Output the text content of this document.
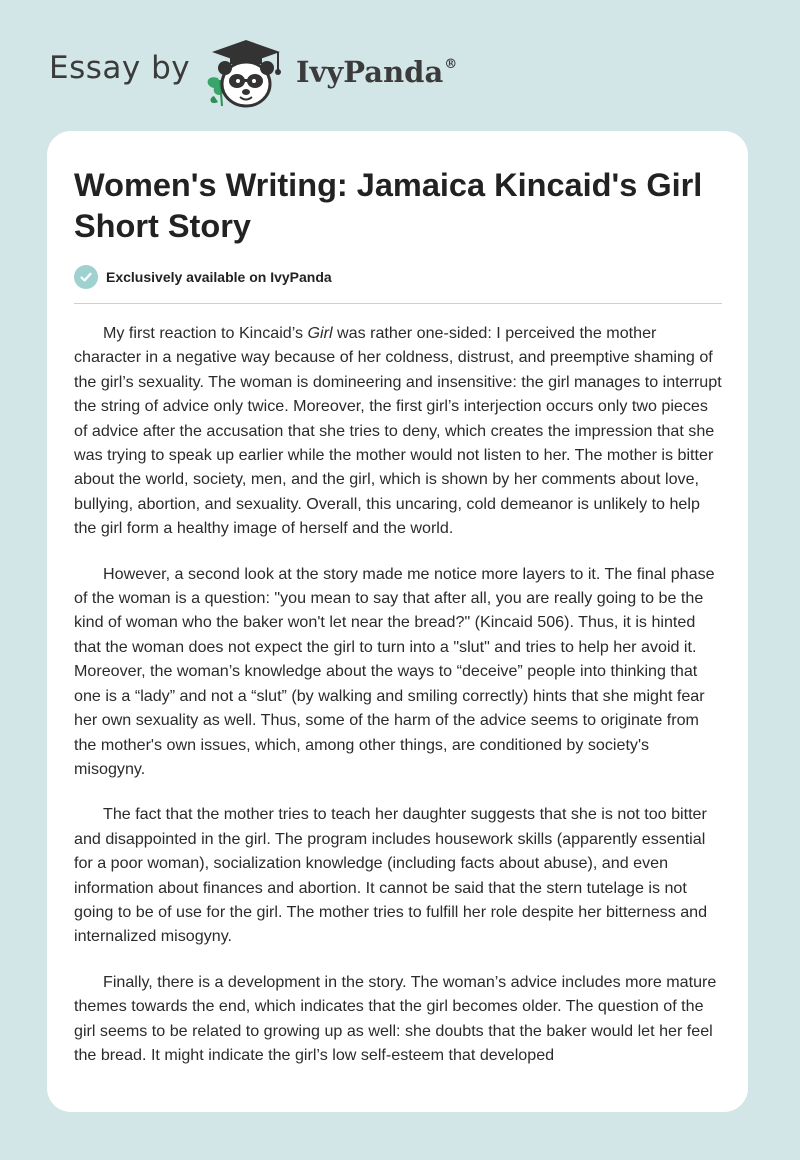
Essay by	IvyPanda®
Women's Writing: Jamaica Kincaid's Girl Short Story
Exclusively available on IvyPanda

My first reaction to Kincaid’s Girl was rather one-sided: I perceived the mother character in a negative way because of her coldness, distrust, and preemptive shaming of the girl’s sexuality. The woman is domineering and insensitive: the girl manages to interrupt the string of advice only twice. Moreover, the first girl’s interjection occurs only two pieces of advice after the accusation that she tries to deny, which creates the impression that she was trying to speak up earlier while the mother would not listen to her. The mother is bitter about the world, society, men, and the girl, which is shown by her comments about love, bullying, abortion, and sexuality. Overall, this uncaring, cold demeanor is unlikely to help the girl form a healthy image of herself and the world.

However, a second look at the story made me notice more layers to it. The final phase of the woman is a question: "you mean to say that after all, you are really going to be the kind of woman who the baker won't let near the bread?" (Kincaid 506). Thus, it is hinted that the woman does not expect the girl to turn into a "slut" and tries to help her avoid it. Moreover, the woman’s knowledge about the ways to “deceive” people into thinking that one is a “lady” and not a “slut” (by walking and smiling correctly) hints that she might fear her own sexuality as well. Thus, some of the harm of the advice seems to originate from the mother's own issues, which, among other things, are conditioned by society's misogyny.

The fact that the mother tries to teach her daughter suggests that she is not too bitter and disappointed in the girl. The program includes housework skills (apparently essential for a poor woman), socialization knowledge (including facts about abuse), and even information about finances and abortion. It cannot be said that the stern tutelage is not going to be of use for the girl. The mother tries to fulfill her role despite her bitterness and internalized misogyny.

Finally, there is a development in the story. The woman’s advice includes more mature themes towards the end, which indicates that the girl becomes older. The question of the girl seems to be related to growing up as well: she doubts that the baker would let her feel the bread. It might indicate the girl’s low self-esteem that developed
